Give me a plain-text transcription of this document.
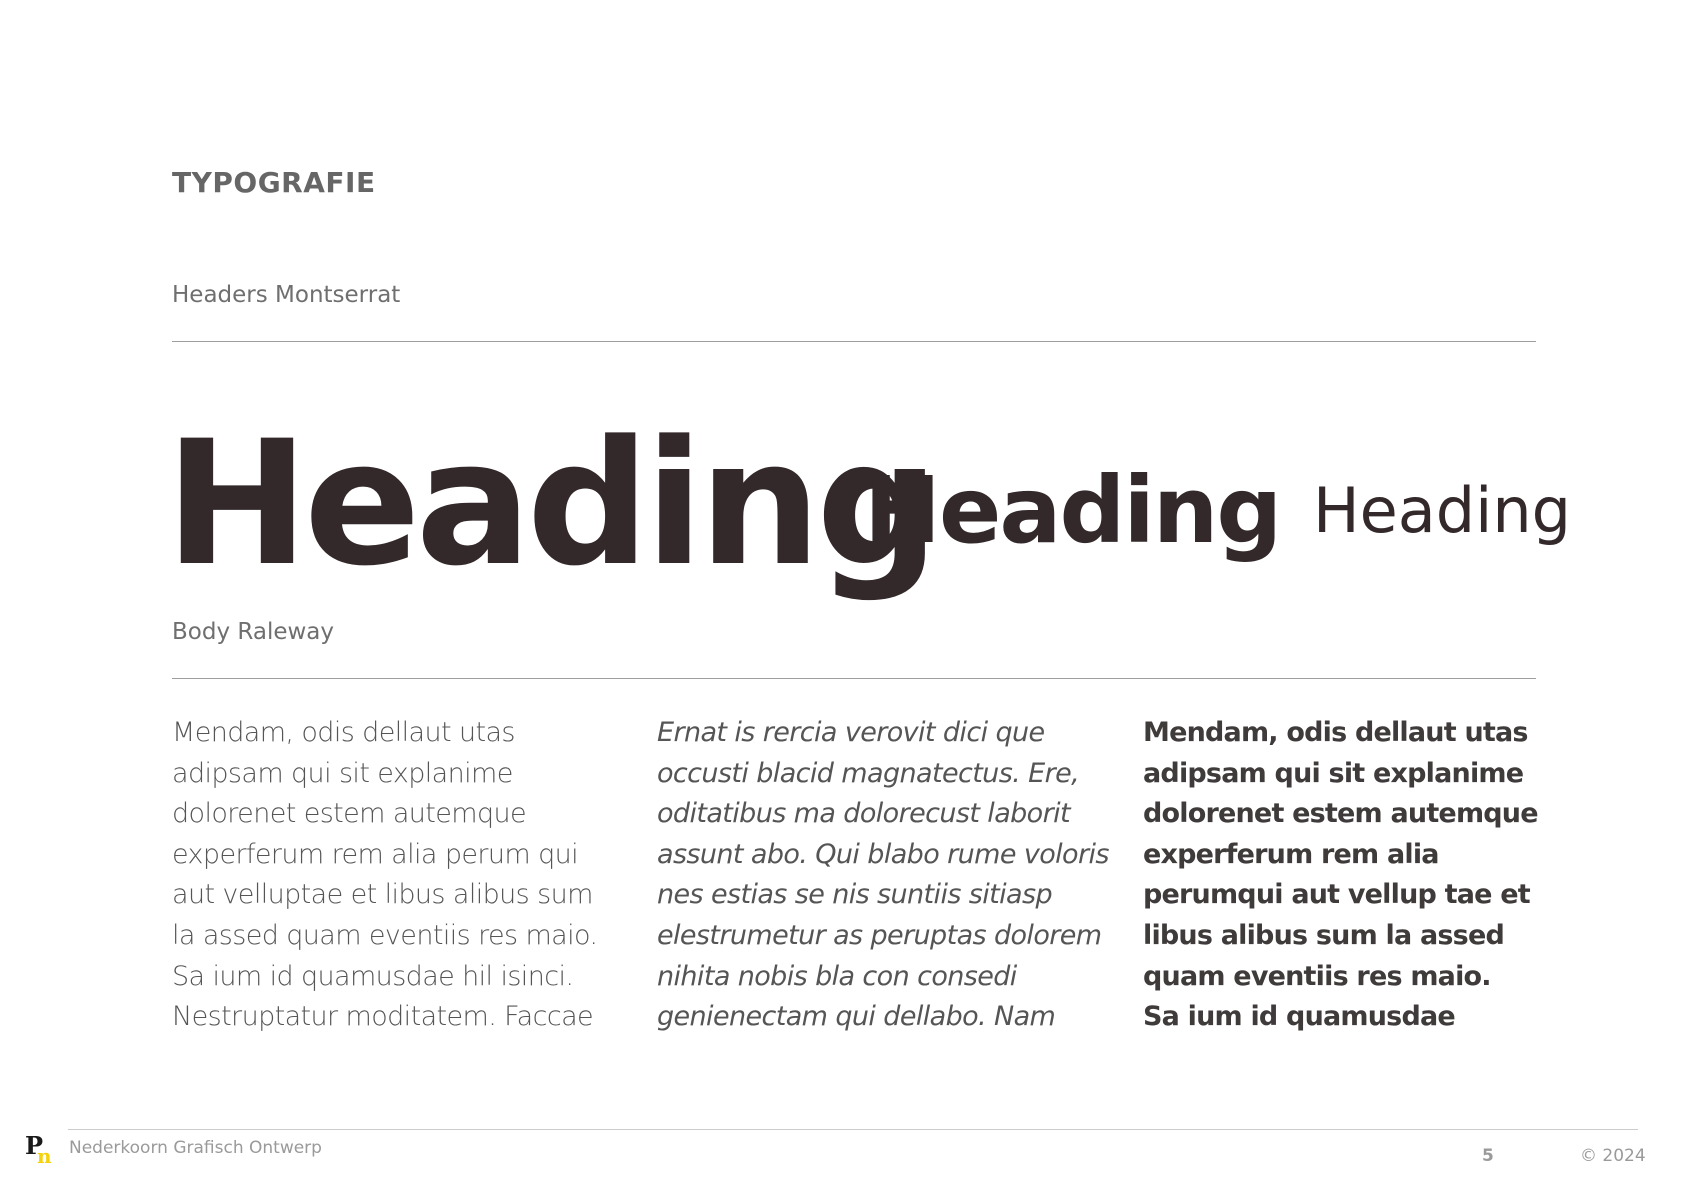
TYPOGRAFIE
Headers Montserrat
Heading
Heading Heading
Body Raleway
Mendam, odis dellaut utas
adipsam qui sit explanime
dolorenet estem autemque
experferum rem alia perum qui
aut velluptae et libus alibus sum
la assed quam eventiis res maio.
Sa ium id quamusdae hil isinci.
Nestruptatur moditatem. Faccae
Ernat is rercia verovit dici que
occusti blacid magnatectus. Ere,
oditatibus ma dolorecust laborit
assunt abo. Qui blabo rume voloris
nes estias se nis suntiis sitiasp
elestrumetur as peruptas dolorem
nihita nobis bla con consedi
genienectam qui dellabo. Nam
Mendam, odis dellaut utas
adipsam qui sit explanime
dolorenet estem autemque
experferum rem alia
perumqui aut vellup tae et
libus alibus sum la assed
quam eventiis res maio.
Sa ium id quamusdae
P
n Nederkoorn Grafisch Ontwerp	5	© 2024
